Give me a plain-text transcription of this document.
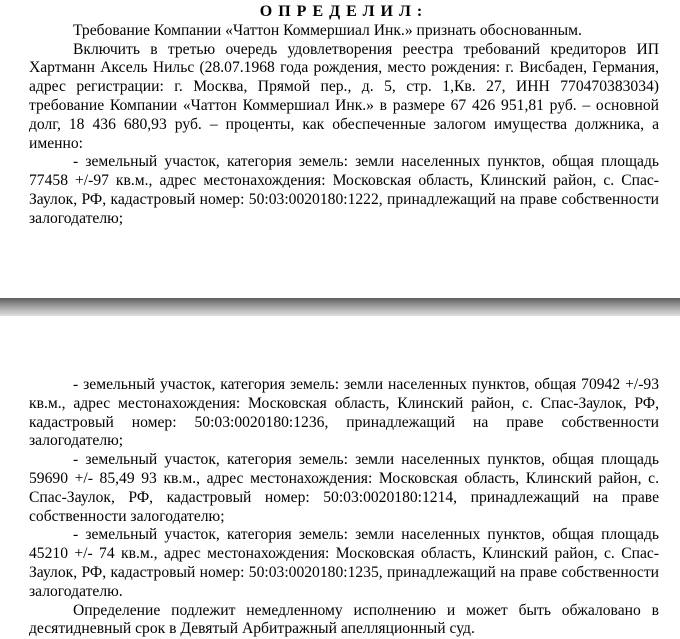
ОПРЕДЕЛИЛ:

Требование Компании «Чаттон Коммершиал Инк.» признать обоснованным.

Включить в третью очередь удовлетворения реестра требований кредиторов ИП Хартманн Аксель Нильс (28.07.1968 года рождения, место рождения: г. Висбаден, Германия, адрес регистрации: г. Москва, Прямой пер., д. 5, стр. 1,Кв. 27, ИНН 770470383034) требование Компании «Чаттон Коммершиал Инк.» в размере 67 426 951,81 руб. – основной долг, 18 436 680,93 руб. – проценты, как обеспеченные залогом имущества должника, а именно:

- земельный участок, категория земель: земли населенных пунктов, общая площадь 77458 +/-97 кв.м., адрес местонахождения: Московская область, Клинский район, с. Спас-Заулок, РФ, кадастровый номер: 50:03:0020180:1222, принадлежащий на праве собственности залогодателю;

- земельный участок, категория земель: земли населенных пунктов, общая 70942 +/-93 кв.м., адрес местонахождения: Московская область, Клинский район, с. Спас-Заулок, РФ, кадастровый номер: 50:03:0020180:1236, принадлежащий на праве собственности залогодателю;

- земельный участок, категория земель: земли населенных пунктов, общая площадь 59690 +/- 85,49 93 кв.м., адрес местонахождения: Московская область, Клинский район, с. Спас-Заулок, РФ, кадастровый номер: 50:03:0020180:1214, принадлежащий на праве собственности залогодателю;

- земельный участок, категория земель: земли населенных пунктов, общая площадь 45210 +/- 74 кв.м., адрес местонахождения: Московская область, Клинский район, с. Спас-Заулок, РФ, кадастровый номер: 50:03:0020180:1235, принадлежащий на праве собственности залогодателю.

Определение подлежит немедленному исполнению и может быть обжаловано в десятидневный срок в Девятый Арбитражный апелляционный суд.
